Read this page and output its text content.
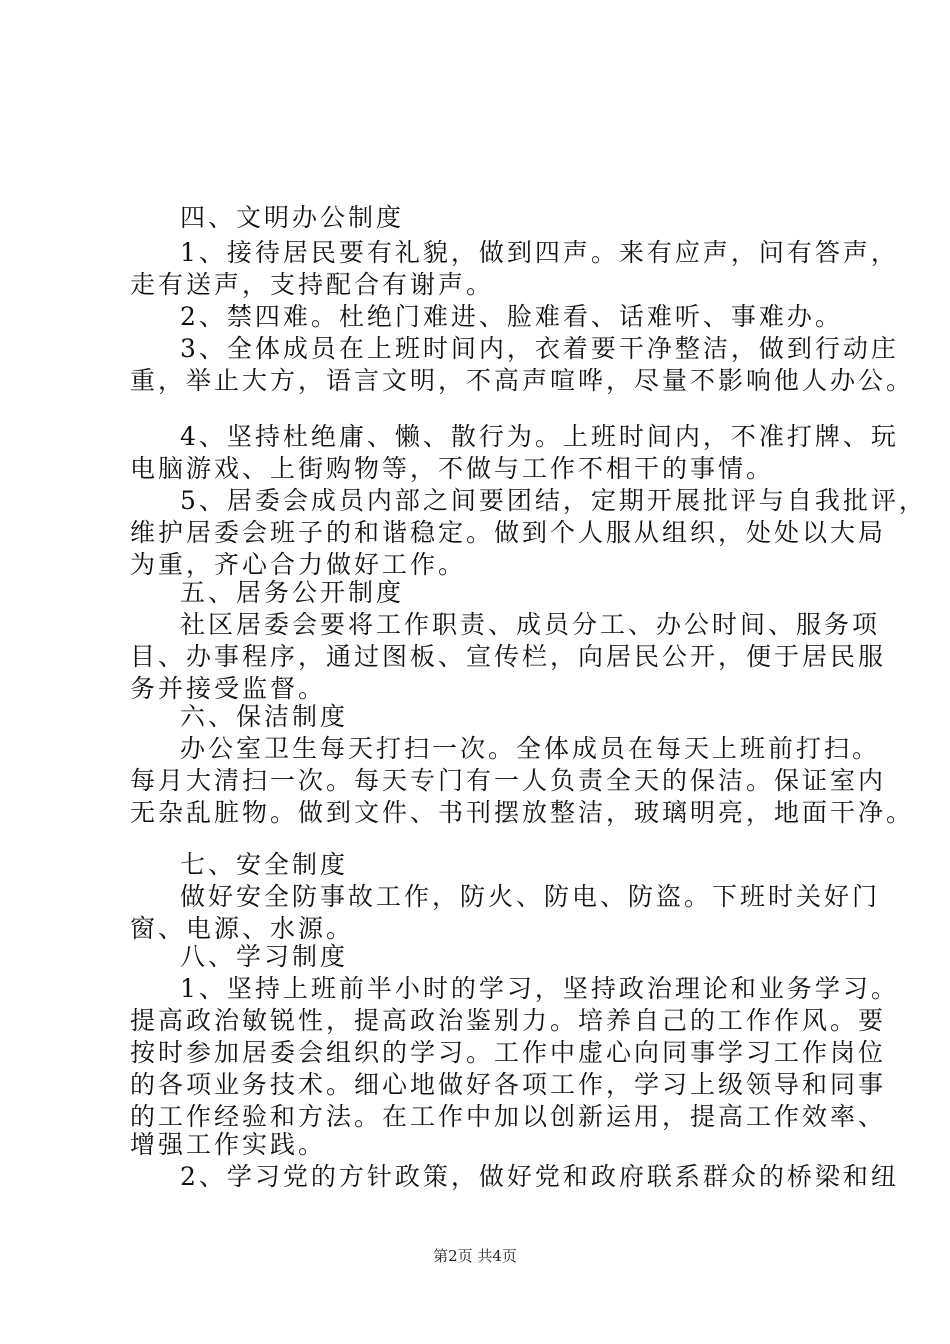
四、文明办公制度
1、接待居民要有礼貌，做到四声。来有应声，问有答声，
走有送声，支持配合有谢声。
2、禁四难。杜绝门难进、脸难看、话难听、事难办。
3、全体成员在上班时间内，衣着要干净整洁，做到行动庄
重，举止大方，语言文明，不高声喧哗，尽量不影响他人办公。
4、坚持杜绝庸、懒、散行为。上班时间内，不准打牌、玩
电脑游戏、上街购物等，不做与工作不相干的事情。
5、居委会成员内部之间要团结，定期开展批评与自我批评，
维护居委会班子的和谐稳定。做到个人服从组织，处处以大局
为重，齐心合力做好工作。
五、居务公开制度
社区居委会要将工作职责、成员分工、办公时间、服务项
目、办事程序，通过图板、宣传栏，向居民公开，便于居民服
务并接受监督。
六、保洁制度
办公室卫生每天打扫一次。全体成员在每天上班前打扫。
每月大清扫一次。每天专门有一人负责全天的保洁。保证室内
无杂乱脏物。做到文件、书刊摆放整洁，玻璃明亮，地面干净。
七、安全制度
做好安全防事故工作，防火、防电、防盗。下班时关好门
窗、电源、水源。
八、学习制度
1、坚持上班前半小时的学习，坚持政治理论和业务学习。
提高政治敏锐性，提高政治鉴别力。培养自己的工作作风。要
按时参加居委会组织的学习。工作中虚心向同事学习工作岗位
的各项业务技术。细心地做好各项工作，学习上级领导和同事
的工作经验和方法。在工作中加以创新运用，提高工作效率、
增强工作实践。
2、学习党的方针政策，做好党和政府联系群众的桥梁和纽
第2页 共4页
